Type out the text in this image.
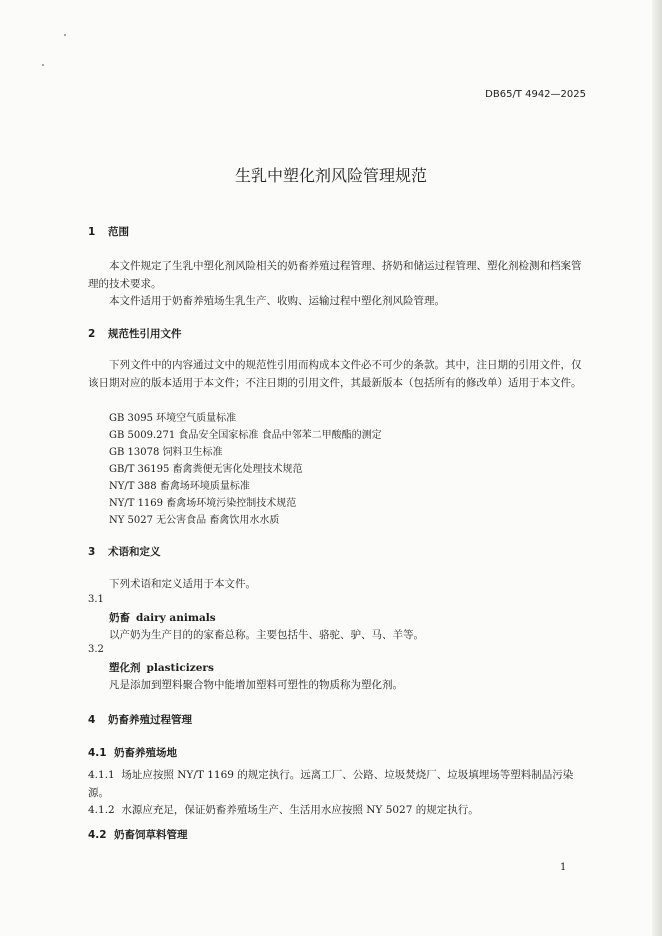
DB65/T 4942—2025
生乳中塑化剂风险管理规范
1 范围

本文件规定了生乳中塑化剂风险相关的奶畜养殖过程管理、挤奶和储运过程管理、塑化剂检测和档案管理的技术要求。

本文件适用于奶畜养殖场生乳生产、收购、运输过程中塑化剂风险管理。

2 规范性引用文件

下列文件中的内容通过文中的规范性引用而构成本文件必不可少的条款。其中，注日期的引用文件，仅该日期对应的版本适用于本文件；不注日期的引用文件，其最新版本（包括所有的修改单）适用于本文件。

GB 3095 环境空气质量标准
GB 5009.271 食品安全国家标准 食品中邻苯二甲酸酯的测定
GB 13078 饲料卫生标准
GB/T 36195 畜禽粪便无害化处理技术规范
NY/T 388 畜禽场环境质量标准
NY/T 1169 畜禽场环境污染控制技术规范
NY 5027 无公害食品 畜禽饮用水水质
3 术语和定义
下列术语和定义适用于本文件。
3.1
奶畜 dairy animals
以产奶为生产目的的家畜总称。主要包括牛、骆驼、驴、马、羊等。
3.2
塑化剂 plasticizers
凡是添加到塑料聚合物中能增加塑料可塑性的物质称为塑化剂。
4 奶畜养殖过程管理
4.1 奶畜养殖场地

4.1.1 场址应按照 NY/T 1169 的规定执行。远离工厂、公路、垃圾焚烧厂、垃圾填埋场等塑料制品污染源。

4.1.2 水源应充足，保证奶畜养殖场生产、生活用水应按照 NY 5027 的规定执行。

4.2 奶畜饲草料管理
1
